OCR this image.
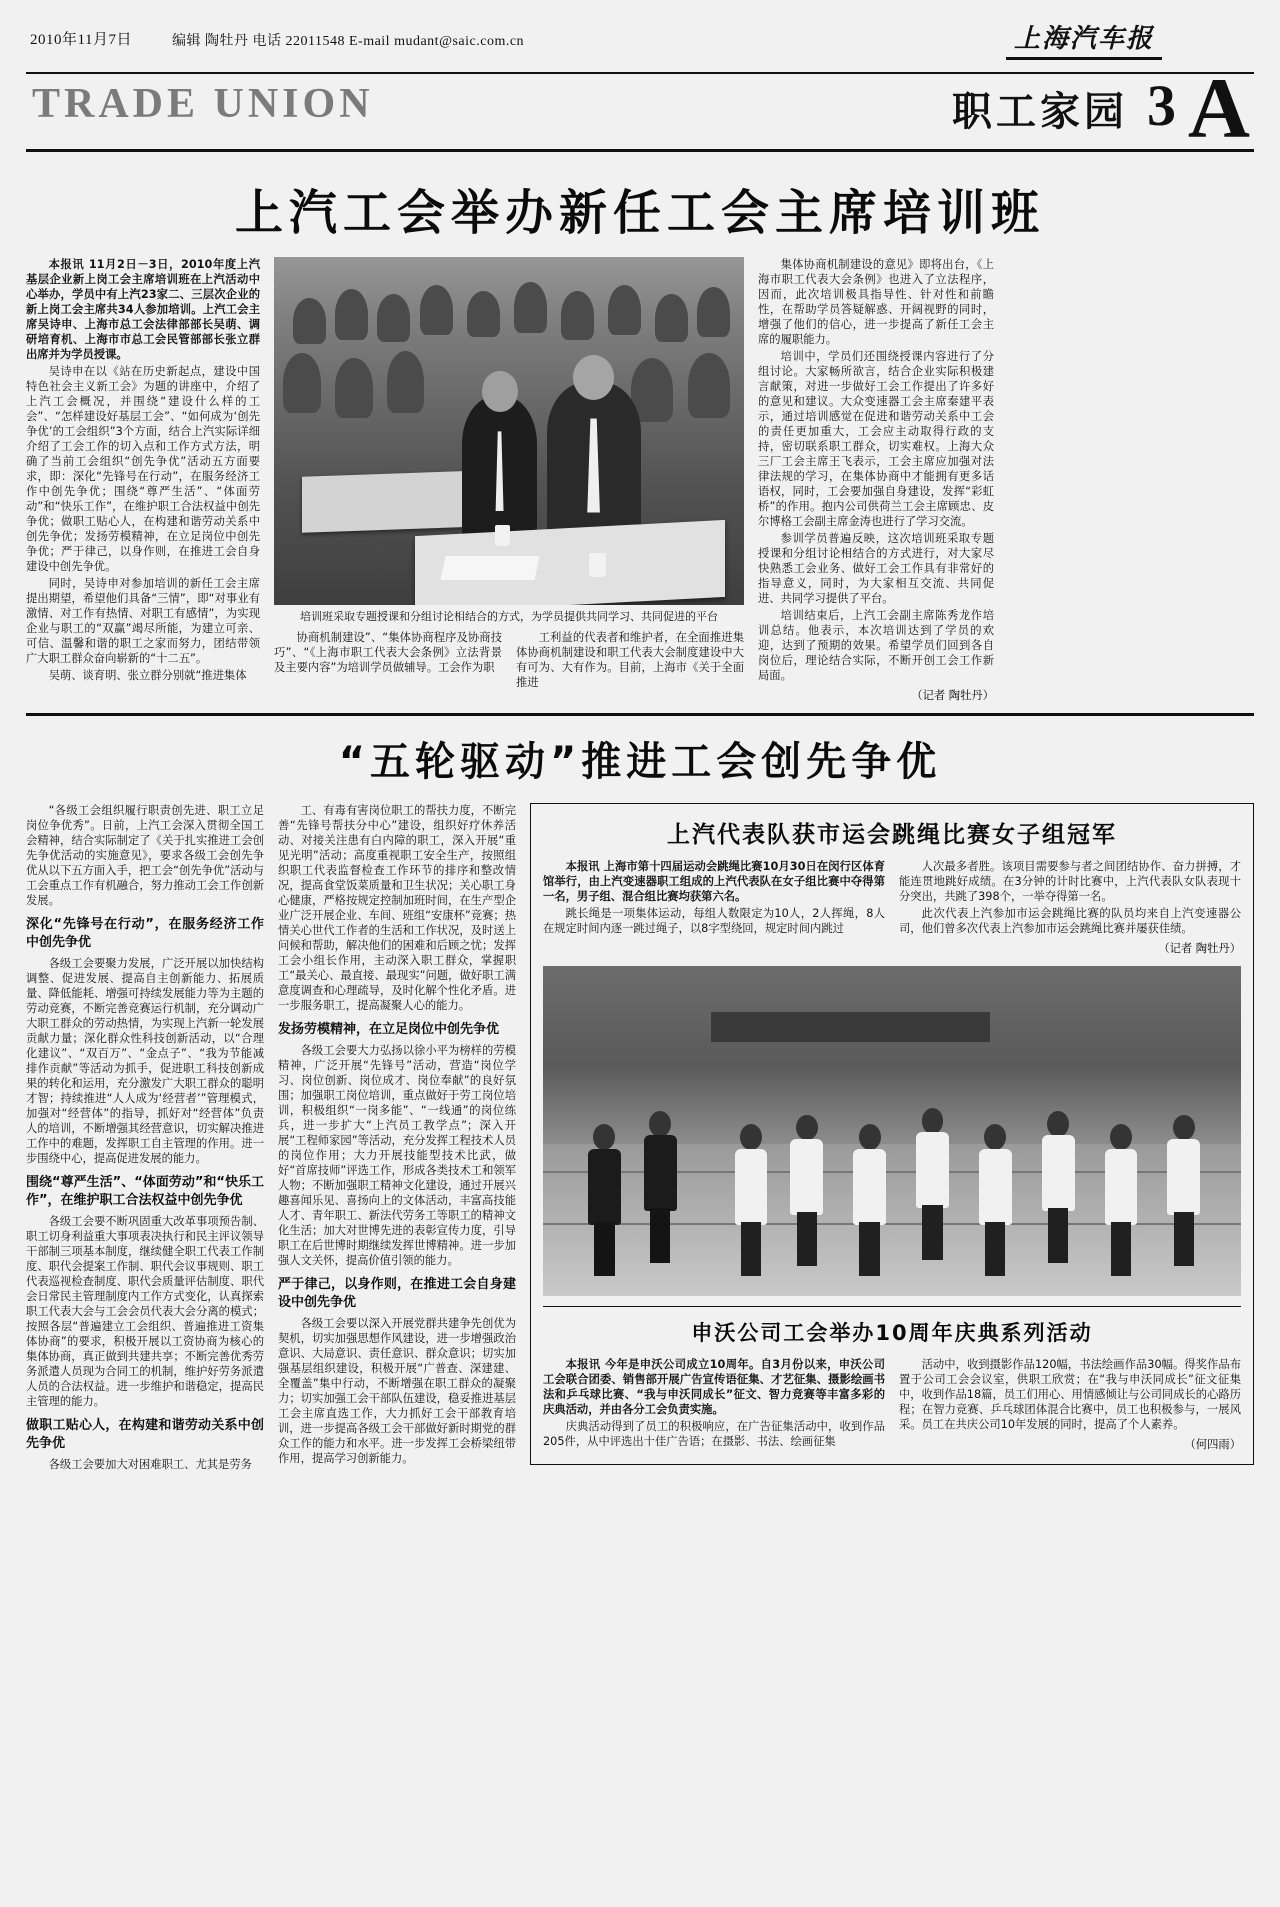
2010年11月7日	编辑 陶牡丹 电话 22011548 E-mail mudant@saic.com.cn	上海汽车报
TRADE UNION	职工家园 3 A
上汽工会举办新任工会主席培训班

本报讯 11月2日－3日，2010年度上汽基层企业新上岗工会主席培训班在上汽活动中心举办，学员中有上汽23家二、三层次企业的新上岗工会主席共34人参加培训。上汽工会主席吴诗申、上海市总工会法律部部长吴萌、调研培育机、上海市市总工会民管部部长张立群出席并为学员授课。

吴诗申在以《站在历史新起点，建设中国特色社会主义新工会》为题的讲座中，介绍了上汽工会概况，并围绕“建设什么样的工会”、“怎样建设好基层工会”、“如何成为‘创先争优’的工会组织”3个方面，结合上汽实际详细介绍了工会工作的切入点和工作方式方法，明确了当前工会组织“创先争优”活动五方面要求，即：深化“先锋号在行动”，在服务经济工作中创先争优；围绕“尊严生活”、“体面劳动”和“快乐工作”，在维护职工合法权益中创先争优；做职工贴心人，在构建和谐劳动关系中创先争优；发扬劳模精神，在立足岗位中创先争优；严于律己，以身作则，在推进工会自身建设中创先争优。

同时，吴诗申对参加培训的新任工会主席提出期望，希望他们具备“三情”，即“对事业有激情、对工作有热情、对职工有感情”，为实现企业与职工的“双赢”竭尽所能，为建立可亲、可信、温馨和谐的职工之家而努力，团结带领广大职工群众奋向崭新的“十二五”。

吴萌、谈育明、张立群分别就“推进集体

培训班采取专题授课和分组讨论相结合的方式，为学员提供共同学习、共同促进的平台

协商机制建设”、“集体协商程序及协商技巧”、“《上海市职工代表大会条例》立法背景及主要内容”为培训学员做辅导。工会作为职

工利益的代表者和维护者，在全面推进集体协商机制建设和职工代表大会制度建设中大有可为、大有作为。目前，上海市《关于全面推进

集体协商机制建设的意见》即将出台，《上海市职工代表大会条例》也进入了立法程序，因而，此次培训极具指导性、针对性和前瞻性，在帮助学员答疑解惑、开阔视野的同时，增强了他们的信心，进一步提高了新任工会主席的履职能力。

培训中，学员们还围绕授课内容进行了分组讨论。大家畅所欲言，结合企业实际积极建言献策，对进一步做好工会工作提出了许多好的意见和建议。大众变速器工会主席秦建平表示，通过培训感觉在促进和谐劳动关系中工会的责任更加重大，工会应主动取得行政的支持，密切联系职工群众，切实难权。上海大众三厂工会主席王飞表示，工会主席应加强对法律法规的学习，在集体协商中才能拥有更多话语权，同时，工会要加强自身建设，发挥“彩虹桥”的作用。抱内公司供荷兰工会主席顾忠、皮尔博格工会副主席金涛也进行了学习交流。

参训学员普遍反映，这次培训班采取专题授课和分组讨论相结合的方式进行，对大家尽快熟悉工会业务、做好工会工作具有非常好的指导意义，同时，为大家相互交流、共同促进、共同学习提供了平台。

培训结束后，上汽工会副主席陈秀龙作培训总结。他表示，本次培训达到了学员的欢迎，达到了预期的效果。希望学员们回到各自岗位后，理论结合实际，不断开创工会工作新局面。

（记者 陶牡丹）
“五轮驱动”推进工会创先争优

“各级工会组织履行职责创先进、职工立足岗位争优秀”。日前，上汽工会深入贯彻全国工会精神，结合实际制定了《关于扎实推进工会创先争优活动的实施意见》，要求各级工会创先争优从以下五方面入手，把工会“创先争优”活动与工会重点工作有机融合，努力推动工会工作创新发展。

深化“先锋号在行动”，在服务经济工作中创先争优

各级工会要聚力发展，广泛开展以加快结构调整、促进发展、提高自主创新能力、拓展质量、降低能耗、增强可持续发展能力等为主题的劳动竞赛，不断完善竞赛运行机制，充分调动广大职工群众的劳动热情，为实现上汽新一轮发展贡献力量；深化群众性科技创新活动，以“合理化建议”、“双百万”、“金点子”、“我为节能减排作贡献”等活动为抓手，促进职工科技创新成果的转化和运用，充分激发广大职工群众的聪明才智；持续推进“人人成为‘经营者’”管理模式，加强对“经营体”的指导，抓好对“经营体”负责人的培训，不断增强其经营意识，切实解决推进工作中的难题，发挥职工自主管理的作用。进一步围绕中心，提高促进发展的能力。

围绕“尊严生活”、“体面劳动”和“快乐工作”，在维护职工合法权益中创先争优

各级工会要不断巩固重大改革事项预告制、职工切身利益重大事项表决执行和民主评议领导干部制三项基本制度，继续健全职工代表工作制度、职代会提案工作制、职代会议事规则、职工代表巡视检查制度、职代会质量评估制度、职代会日常民主管理制度内工作方式变化，认真探索职工代表大会与工会会员代表大会分离的模式；按照各层“普遍建立工会组织、普遍推进工资集体协商”的要求，积极开展以工资协商为核心的集体协商，真正做到共建共享；不断完善优秀劳务派遣人员现为合同工的机制，维护好劳务派遣人员的合法权益。进一步维护和谐稳定，提高民主管理的能力。

做职工贴心人，在构建和谐劳动关系中创先争优

各级工会要加大对困难职工、尤其是劳务

工、有毒有害岗位职工的帮扶力度，不断完善“先锋号帮扶分中心”建设，组织好疗休养活动、对接关注患有白内障的职工，深入开展“重见光明”活动；高度重视职工安全生产，按照组织职工代表监督检查工作环节的排序和整改情况，提高食堂饭菜质量和卫生状况；关心职工身心健康，严格按规定控制加班时间，在生产型企业广泛开展企业、车间、班组“安康杯”竞赛；热情关心世代工作者的生活和工作状况，及时送上问候和帮助，解决他们的困难和后顾之忧；发挥工会小组长作用，主动深入职工群众，掌握职工“最关心、最直接、最现实”问题，做好职工满意度调查和心理疏导，及时化解个性化矛盾。进一步服务职工，提高凝聚人心的能力。

发扬劳模精神，在立足岗位中创先争优

各级工会要大力弘扬以徐小平为榜样的劳模精神，广泛开展“先锋号”活动，营造“岗位学习、岗位创新、岗位成才、岗位奉献”的良好氛围；加强职工岗位培训，重点做好于劳工岗位培训，积极组织“一岗多能”、“一线通”的岗位练兵，进一步扩大“上汽员工教学点”；深入开展“工程师家园”等活动，充分发挥工程技术人员的岗位作用；大力开展技能型技术比武，做好“首席技师”评选工作，形成各类技术工和领军人物；不断加强职工精神文化建设，通过开展兴趣喜闻乐见、喜扬向上的文体活动，丰富高技能人才、青年职工、新法代劳务工等职工的精神文化生活；加大对世博先进的表彰宣传力度，引导职工在后世博时期继续发挥世博精神。进一步加强人文关怀，提高价值引领的能力。

严于律己，以身作则，在推进工会自身建设中创先争优

各级工会要以深入开展党群共建争先创优为契机，切实加强思想作风建设，进一步增强政治意识、大局意识、责任意识、群众意识；切实加强基层组织建设，积极开展“广普查、深建建、全覆盖”集中行动，不断增强在职工群众的凝聚力；切实加强工会干部队伍建设，稳妥推进基层工会主席直选工作，大力抓好工会干部教育培训，进一步提高各级工会干部做好新时期党的群众工作的能力和水平。进一步发挥工会桥梁纽带作用，提高学习创新能力。

上汽代表队获市运会跳绳比赛女子组冠军

本报讯 上海市第十四届运动会跳绳比赛10月30日在闵行区体育馆举行，由上汽变速器职工组成的上汽代表队在女子组比赛中夺得第一名，男子组、混合组比赛均获第六名。

跳长绳是一项集体运动，每组人数限定为10人，2人挥绳，8人在规定时间内逐一跳过绳子，以8字型绕回，规定时间内跳过

人次最多者胜。该项目需要参与者之间团结协作、奋力拼搏，才能连贯地跳好成绩。在3分钟的计时比赛中，上汽代表队女队表现十分突出，共跳了398个，一举夺得第一名。

此次代表上汽参加市运会跳绳比赛的队员均来自上汽变速器公司，他们曾多次代表上汽参加市运会跳绳比赛并屡获佳绩。

（记者 陶牡丹）
申沃公司工会举办10周年庆典系列活动

本报讯 今年是申沃公司成立10周年。自3月份以来，申沃公司工会联合团委、销售部开展广告宣传语征集、才艺征集、摄影绘画书法和乒乓球比赛、“我与申沃同成长”征文、智力竞赛等丰富多彩的庆典活动，并由各分工会负责实施。

庆典活动得到了员工的积极响应，在广告征集活动中，收到作品205件，从中评选出十佳广告语；在摄影、书法、绘画征集

活动中，收到摄影作品120幅，书法绘画作品30幅。得奖作品布置于公司工会会议室，供职工欣赏；在“我与申沃同成长”征文征集中，收到作品18篇，员工们用心、用情感倾让与公司同成长的心路历程；在智力竞赛、乒乓球团体混合比赛中，员工也积极参与，一展风采。员工在共庆公司10年发展的同时，提高了个人素养。

（何四雨）
